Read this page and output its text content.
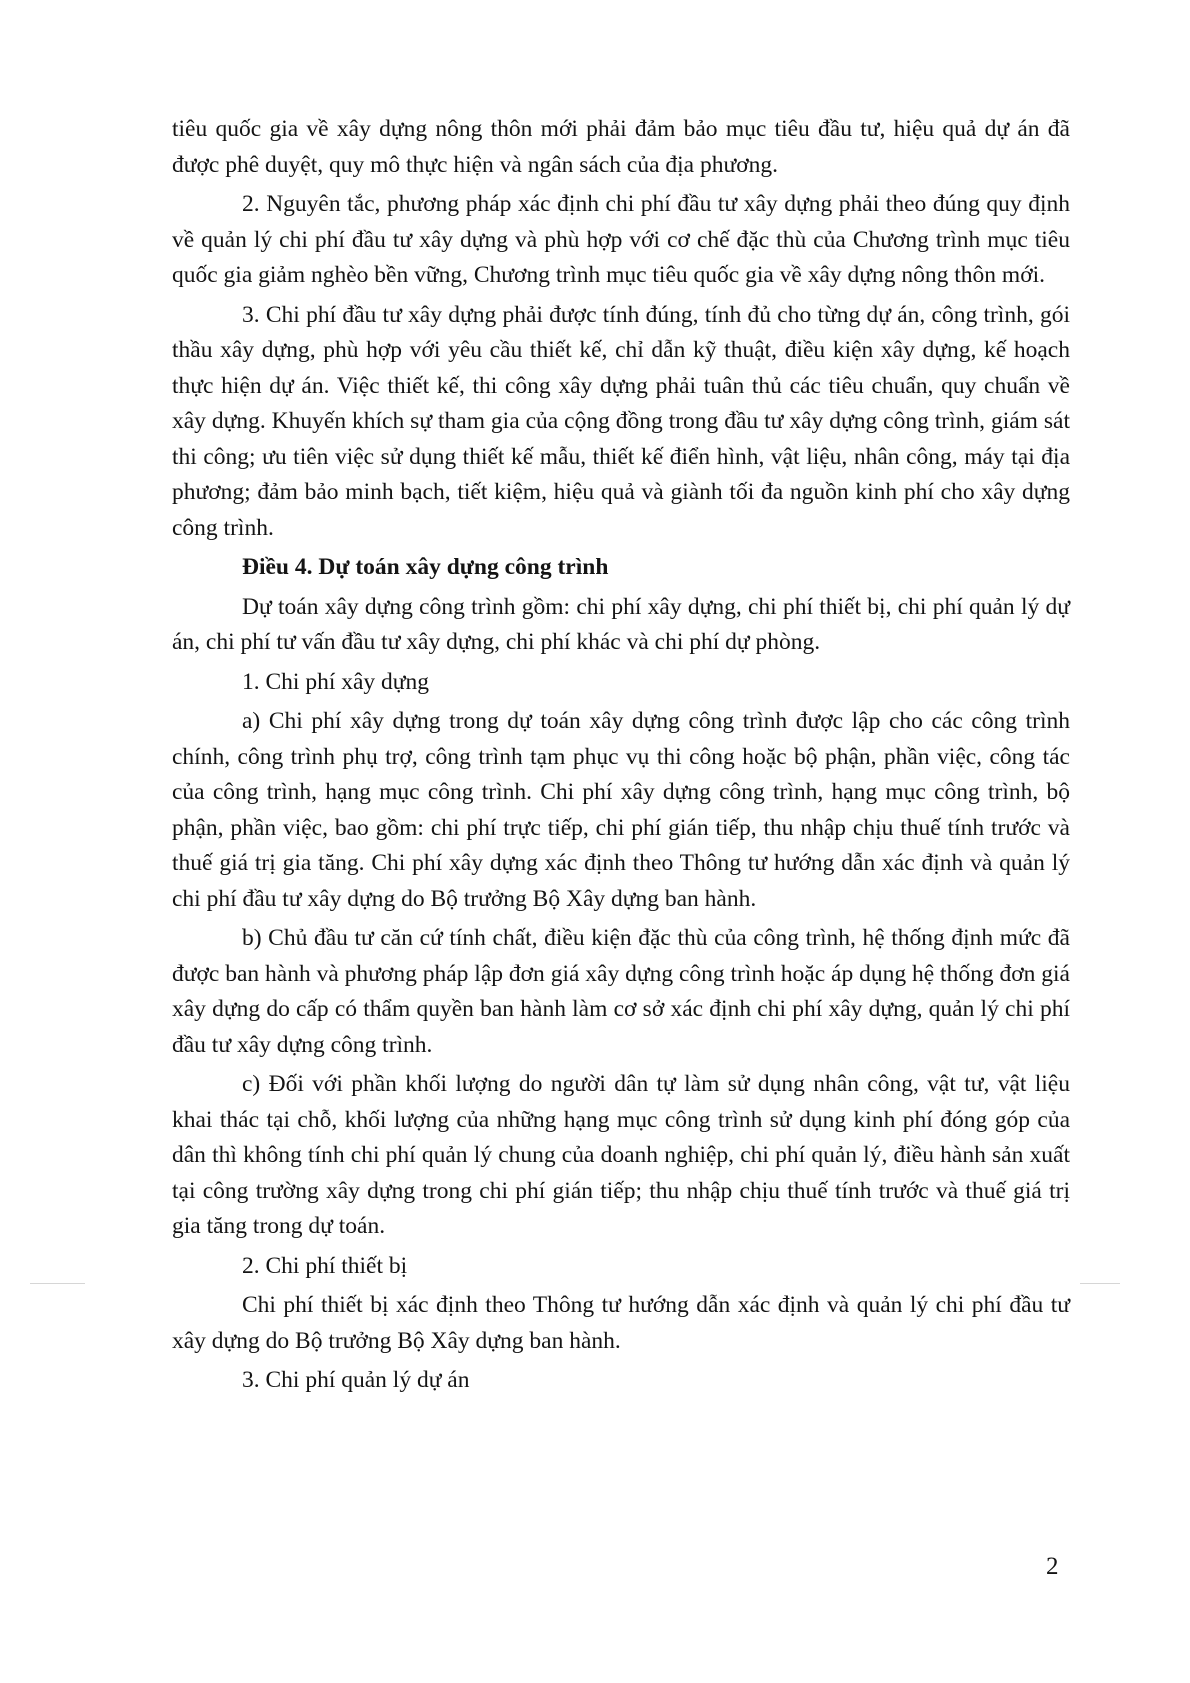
tiêu quốc gia về xây dựng nông thôn mới phải đảm bảo mục tiêu đầu tư, hiệu quả dự án đã được phê duyệt, quy mô thực hiện và ngân sách của địa phương.

2. Nguyên tắc, phương pháp xác định chi phí đầu tư xây dựng phải theo đúng quy định về quản lý chi phí đầu tư xây dựng và phù hợp với cơ chế đặc thù của Chương trình mục tiêu quốc gia giảm nghèo bền vững, Chương trình mục tiêu quốc gia về xây dựng nông thôn mới.

3. Chi phí đầu tư xây dựng phải được tính đúng, tính đủ cho từng dự án, công trình, gói thầu xây dựng, phù hợp với yêu cầu thiết kế, chỉ dẫn kỹ thuật, điều kiện xây dựng, kế hoạch thực hiện dự án. Việc thiết kế, thi công xây dựng phải tuân thủ các tiêu chuẩn, quy chuẩn về xây dựng. Khuyến khích sự tham gia của cộng đồng trong đầu tư xây dựng công trình, giám sát thi công; ưu tiên việc sử dụng thiết kế mẫu, thiết kế điển hình, vật liệu, nhân công, máy tại địa phương; đảm bảo minh bạch, tiết kiệm, hiệu quả và giành tối đa nguồn kinh phí cho xây dựng công trình.

Điều 4. Dự toán xây dựng công trình

Dự toán xây dựng công trình gồm: chi phí xây dựng, chi phí thiết bị, chi phí quản lý dự án, chi phí tư vấn đầu tư xây dựng, chi phí khác và chi phí dự phòng.

1. Chi phí xây dựng

a) Chi phí xây dựng trong dự toán xây dựng công trình được lập cho các công trình chính, công trình phụ trợ, công trình tạm phục vụ thi công hoặc bộ phận, phần việc, công tác của công trình, hạng mục công trình. Chi phí xây dựng công trình, hạng mục công trình, bộ phận, phần việc, bao gồm: chi phí trực tiếp, chi phí gián tiếp, thu nhập chịu thuế tính trước và thuế giá trị gia tăng. Chi phí xây dựng xác định theo Thông tư hướng dẫn xác định và quản lý chi phí đầu tư xây dựng do Bộ trưởng Bộ Xây dựng ban hành.

b) Chủ đầu tư căn cứ tính chất, điều kiện đặc thù của công trình, hệ thống định mức đã được ban hành và phương pháp lập đơn giá xây dựng công trình hoặc áp dụng hệ thống đơn giá xây dựng do cấp có thẩm quyền ban hành làm cơ sở xác định chi phí xây dựng, quản lý chi phí đầu tư xây dựng công trình.

c) Đối với phần khối lượng do người dân tự làm sử dụng nhân công, vật tư, vật liệu khai thác tại chỗ, khối lượng của những hạng mục công trình sử dụng kinh phí đóng góp của dân thì không tính chi phí quản lý chung của doanh nghiệp, chi phí quản lý, điều hành sản xuất tại công trường xây dựng trong chi phí gián tiếp; thu nhập chịu thuế tính trước và thuế giá trị gia tăng trong dự toán.

2. Chi phí thiết bị

Chi phí thiết bị xác định theo Thông tư hướng dẫn xác định và quản lý chi phí đầu tư xây dựng do Bộ trưởng Bộ Xây dựng ban hành.

3. Chi phí quản lý dự án

2
